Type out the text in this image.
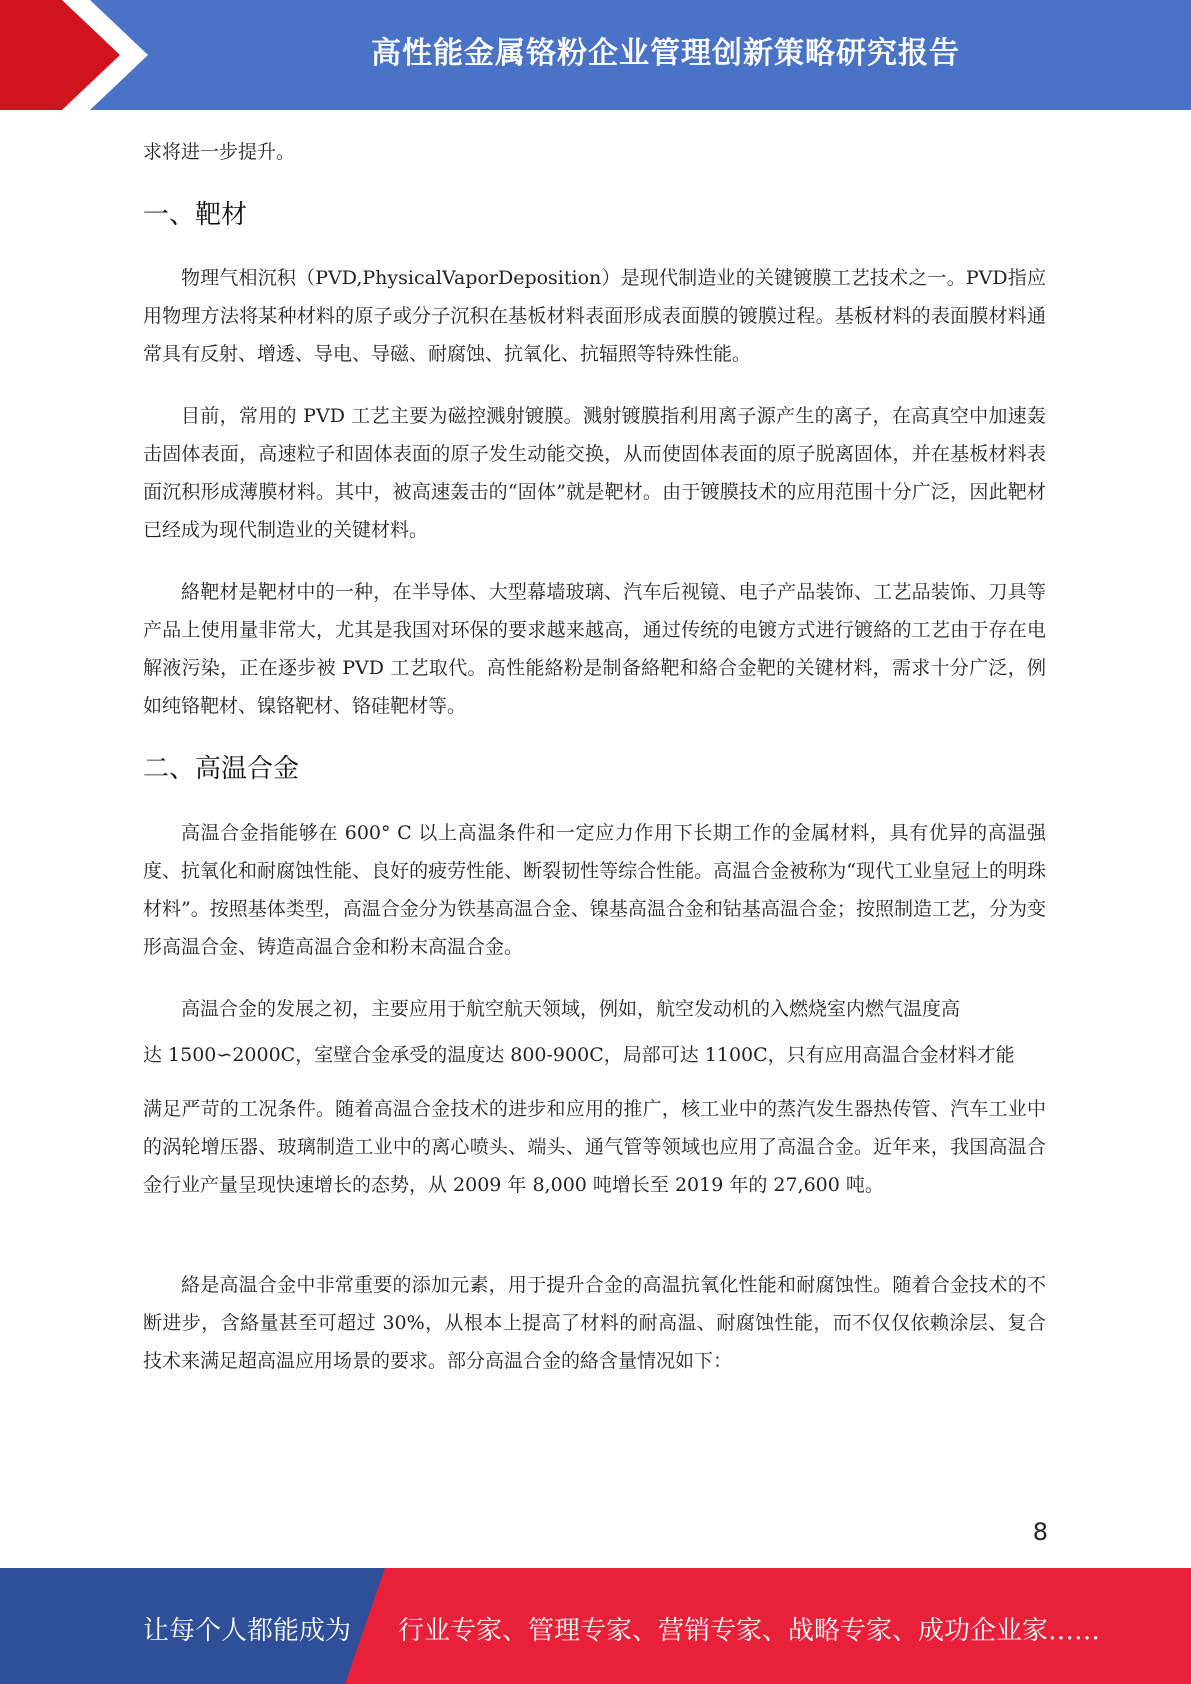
高性能金属铬粉企业管理创新策略研究报告

求将进一步提升。

一、靶材

物理气相沉积（PVD,PhysicalVaporDeposition）是现代制造业的关键镀膜工艺技术之一。PVD指应用物理方法将某种材料的原子或分子沉积在基板材料表面形成表面膜的镀膜过程。基板材料的表面膜材料通常具有反射、增透、导电、导磁、耐腐蚀、抗氧化、抗辐照等特殊性能。

目前，常用的 PVD 工艺主要为磁控溅射镀膜。溅射镀膜指利用离子源产生的离子，在高真空中加速轰击固体表面，高速粒子和固体表面的原子发生动能交换，从而使固体表面的原子脱离固体，并在基板材料表面沉积形成薄膜材料。其中，被高速轰击的“固体”就是靶材。由于镀膜技术的应用范围十分广泛，因此靶材已经成为现代制造业的关键材料。

絡靶材是靶材中的一种，在半导体、大型幕墙玻璃、汽车后视镜、电子产品装饰、工艺品装饰、刀具等产品上使用量非常大，尤其是我国对环保的要求越来越高，通过传统的电镀方式进行镀絡的工艺由于存在电解液污染，正在逐步被 PVD 工艺取代。高性能絡粉是制备絡靶和絡合金靶的关键材料，需求十分广泛，例如纯铬靶材、镍铬靶材、铬硅靶材等。

二、高温合金

高温合金指能够在 600° C 以上高温条件和一定应力作用下长期工作的金属材料，具有优异的高温强度、抗氧化和耐腐蚀性能、良好的疲劳性能、断裂韧性等综合性能。高温合金被称为“现代工业皇冠上的明珠材料”。按照基体类型，高温合金分为铁基高温合金、镍基高温合金和钴基高温合金；按照制造工艺，分为变形高温合金、铸造高温合金和粉末高温合金。

高温合金的发展之初，主要应用于航空航天领域，例如，航空发动机的入燃烧室内燃气温度高

达 1500∽2000C，室壁合金承受的温度达 800-900C，局部可达 1100C，只有应用高温合金材料才能

满足严苛的工况条件。随着高温合金技术的进步和应用的推广，核工业中的蒸汽发生器热传管、汽车工业中的涡轮增压器、玻璃制造工业中的离心喷头、端头、通气管等领域也应用了高温合金。近年来，我国高温合金行业产量呈现快速增长的态势，从 2009 年 8,000 吨增长至 2019 年的 27,600 吨。

絡是高温合金中非常重要的添加元素，用于提升合金的高温抗氧化性能和耐腐蚀性。随着合金技术的不断进步，含絡量甚至可超过 30%，从根本上提高了材料的耐高温、耐腐蚀性能，而不仅仅依赖涂层、复合技术来满足超高温应用场景的要求。部分高温合金的絡含量情况如下：

8
让每个人都能成为 行业专家、管理专家、营销专家、战略专家、成功企业家……
